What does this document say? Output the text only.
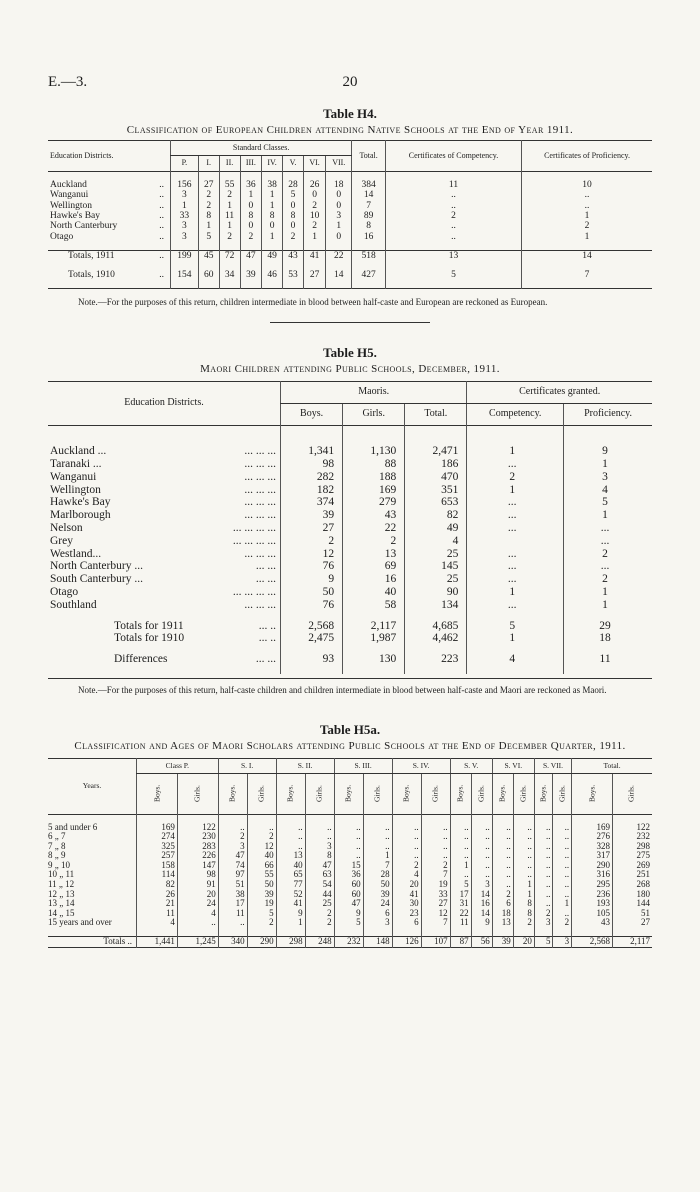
E.—3.	20
Table H4.
Classification of European Children attending Native Schools at the End of Year 1911.
Education Districts.	Standard Classes.								Total.	Certificates of Competency.	Certificates of Proficiency.
	P.	I.	II.	III.	IV.	V.	VI.	VII.			

Auckland ..	156	27	55	36	38	28	26	18	384	11	10
Wanganui ..	3	2	2	1	1	5	0	0	14	..	..
Wellington ..	1	2	1	0	1	0	2	0	7	..	..
Hawke's Bay ..	33	8	11	8	8	8	10	3	89	2	1
North Canterbury ..	3	1	1	0	0	0	2	1	8	..	2
Otago ..	3	5	2	2	1	2	1	0	16	..	1

Totals, 1911 ..	199	45	72	47	49	43	41	22	518	13	14

Totals, 1910 ..	154	60	34	39	46	53	27	14	427	5	7

Note.—For the purposes of this return, children intermediate in blood between half-caste and European are reckoned as European.
Table H5.
Maori Children attending Public Schools, December, 1911.
Education Districts.	Maoris.			Certificates granted.	
	Boys.	Girls.	Total.	Competency.	Proficiency.

Auckland ... ... ... ...	1,341	1,130	2,471	1	9
Taranaki ... ... ... ...	98	88	186	...	1
Wanganui ... ... ...	282	188	470	2	3
Wellington ... ... ...	182	169	351	1	4
Hawke's Bay ... ... ...	374	279	653	...	5
Marlborough ... ... ...	39	43	82	...	1
Nelson ... ... ... ...	27	22	49	...	...
Grey ... ... ... ...	2	2	4		...
Westland... ... ... ...	12	13	25	...	2
North Canterbury ... ... ...	76	69	145	...	...
South Canterbury ... ... ...	9	16	25	...	2
Otago ... ... ... ...	50	40	90	1	1
Southland ... ... ...	76	58	134	...	1

Totals for 1911 ... ..	2,568	2,117	4,685	5	29
Totals for 1910 ... ..	2,475	1,987	4,462	1	18

Differences ... ...	93	130	223	4	11

Note.—For the purposes of this return, half-caste children and children intermediate in blood between half-caste and Maori are reckoned as Maori.
Table H5a.
Classification and Ages of Maori Scholars attending Public Schools at the End of December Quarter, 1911.
Years.	Class P.		S. I.		S. II.		S. III.		S. IV.		S. V.		S. VI.		S. VII.		Total.	
	Boys.	Girls.	Boys.	Girls.	Boys.	Girls.	Boys.	Girls.	Boys.	Girls.	Boys.	Girls.	Boys.	Girls.	Boys.	Girls.	Boys.	Girls.

5 and under 6	169	122	..	..	..	..	..	..	..	..	..	..	..	..	..	..	169	122
6 „ 7	274	230	2	2	..	..	..	..	..	..	..	..	..	..	..	..	276	232
7 „ 8	325	283	3	12	..	3	..	..	..	..	..	..	..	..	..	..	328	298
8 „ 9	257	226	47	40	13	8	..	1	..	..	..	..	..	..	..	..	317	275
9 „ 10	158	147	74	66	40	47	15	7	2	2	1	..	..	..	..	..	290	269
10 „ 11	114	98	97	55	65	63	36	28	4	7	..	..	..	..	..	..	316	251
11 „ 12	82	91	51	50	77	54	60	50	20	19	5	3	..	1	..	..	295	268
12 „ 13	26	20	38	39	52	44	60	39	41	33	17	14	2	1	..	..	236	180
13 „ 14	21	24	17	19	41	25	47	24	30	27	31	16	6	8	..	1	193	144
14 „ 15	11	4	11	5	9	2	9	6	23	12	22	14	18	8	2	..	105	51
15 years and over	4	..	..	2	1	2	5	3	6	7	11	9	13	2	3	2	43	27

Totals ..	1,441	1,245	340	290	298	248	232	148	126	107	87	56	39	20	5	3	2,568	2,117
